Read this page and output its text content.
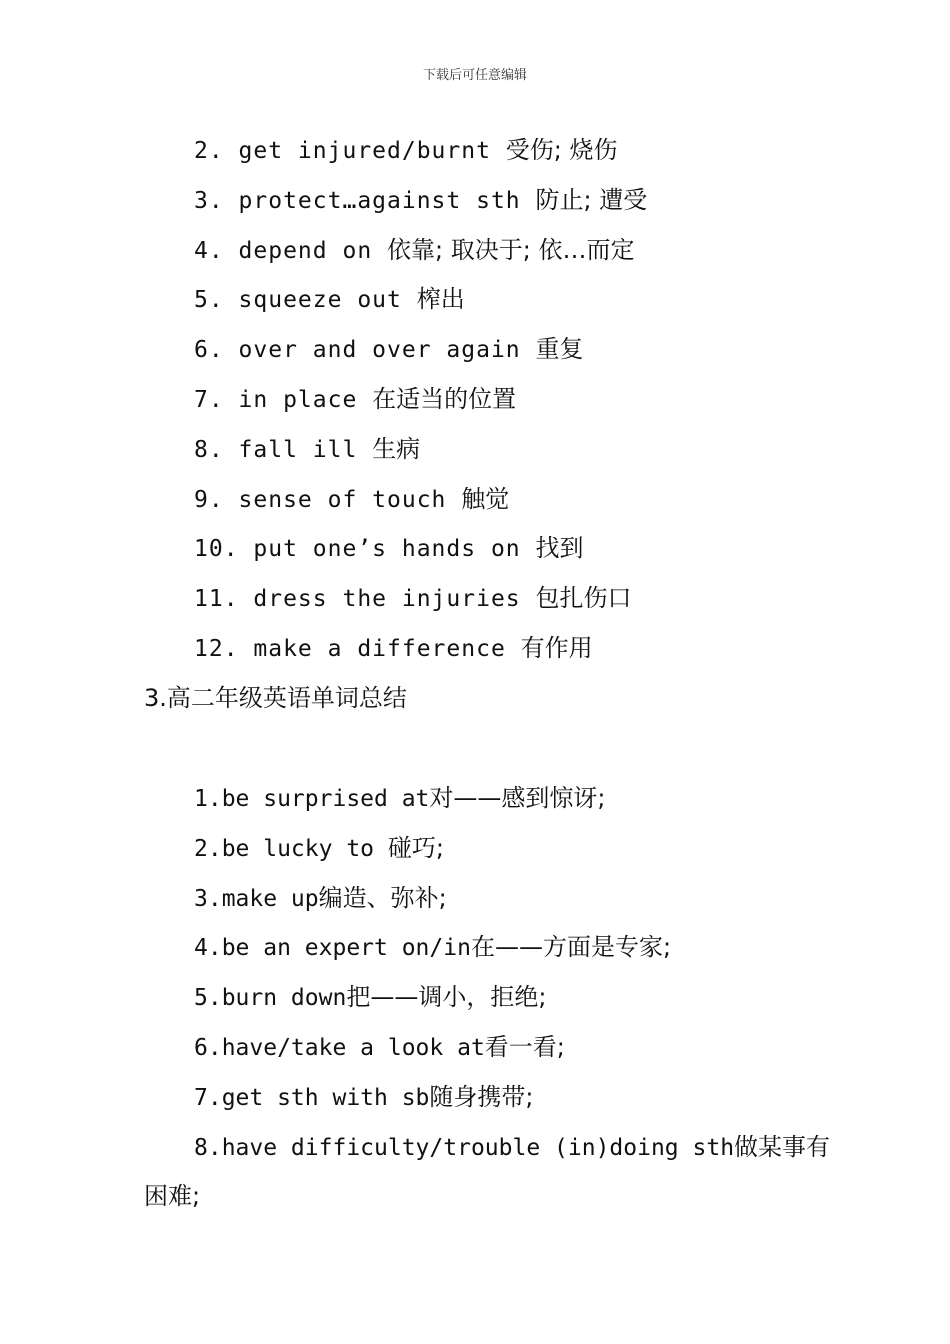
下载后可任意编辑
2. get injured/burnt 受伤; 烧伤
3. protect…against sth 防止; 遭受
4. depend on 依靠; 取决于; 依…而定
5. squeeze out 榨出
6. over and over again 重复
7. in place 在适当的位置
8. fall ill 生病
9. sense of touch 触觉
10. put one’s hands on 找到
11. dress the injuries 包扎伤口
12. make a difference 有作用
3.高二年级英语单词总结
1.be surprised at对——感到惊讶;
2.be lucky to 碰巧;
3.make up编造、弥补;
4.be an expert on/in在——方面是专家;
5.burn down把——调小，拒绝;
6.have/take a look at看一看;
7.get sth with sb随身携带;
8.have difficulty/trouble (in)doing sth做某事有
困难;
